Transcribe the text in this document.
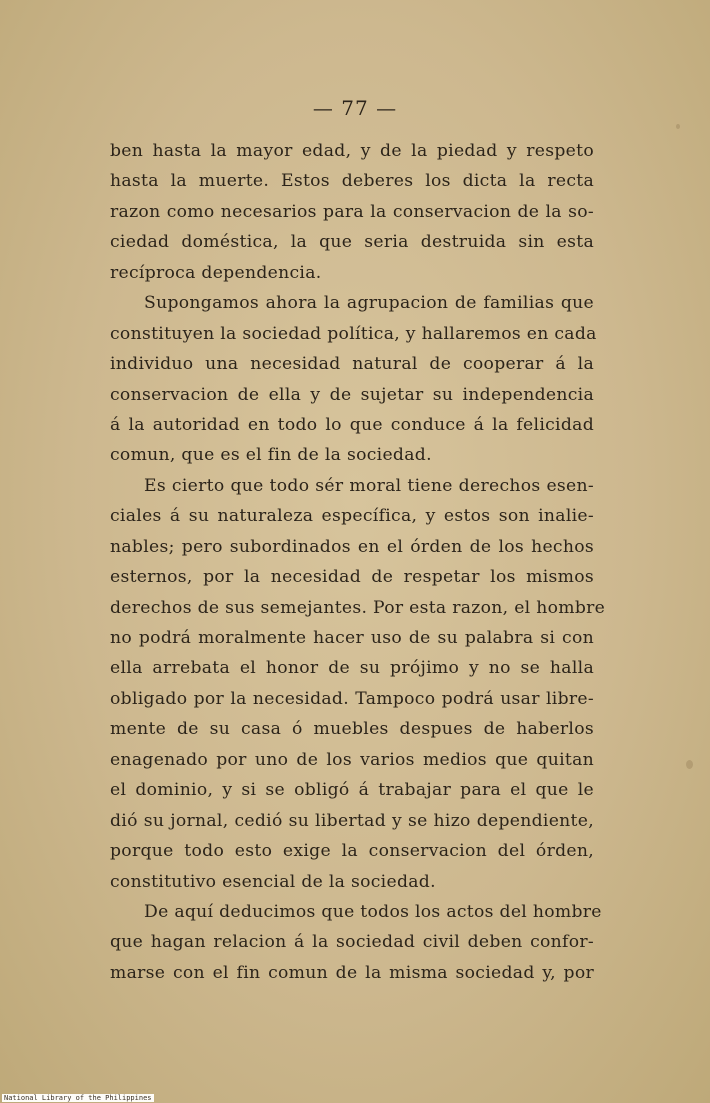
— 77 —
ben hasta la mayor edad, y de la piedad y respeto
hasta la muerte. Estos deberes los dicta la recta
razon como necesarios para la conservacion de la so-
ciedad doméstica, la que seria destruida sin esta
recíproca dependencia.
Supongamos ahora la agrupacion de familias que
constituyen la sociedad política, y hallaremos en cada
individuo una necesidad natural de cooperar á la
conservacion de ella y de sujetar su independencia
á la autoridad en todo lo que conduce á la felicidad
comun, que es el fin de la sociedad.
Es cierto que todo sér moral tiene derechos esen-
ciales á su naturaleza específica, y estos son inalie-
nables; pero subordinados en el órden de los hechos
esternos, por la necesidad de respetar los mismos
derechos de sus semejantes. Por esta razon, el hombre
no podrá moralmente hacer uso de su palabra si con
ella arrebata el honor de su prójimo y no se halla
obligado por la necesidad. Tampoco podrá usar libre-
mente de su casa ó muebles despues de haberlos
enagenado por uno de los varios medios que quitan
el dominio, y si se obligó á trabajar para el que le
dió su jornal, cedió su libertad y se hizo dependiente,
porque todo esto exige la conservacion del órden,
constitutivo esencial de la sociedad.
De aquí deducimos que todos los actos del hombre
que hagan relacion á la sociedad civil deben confor-
marse con el fin comun de la misma sociedad y, por
National Library of the Philippines
